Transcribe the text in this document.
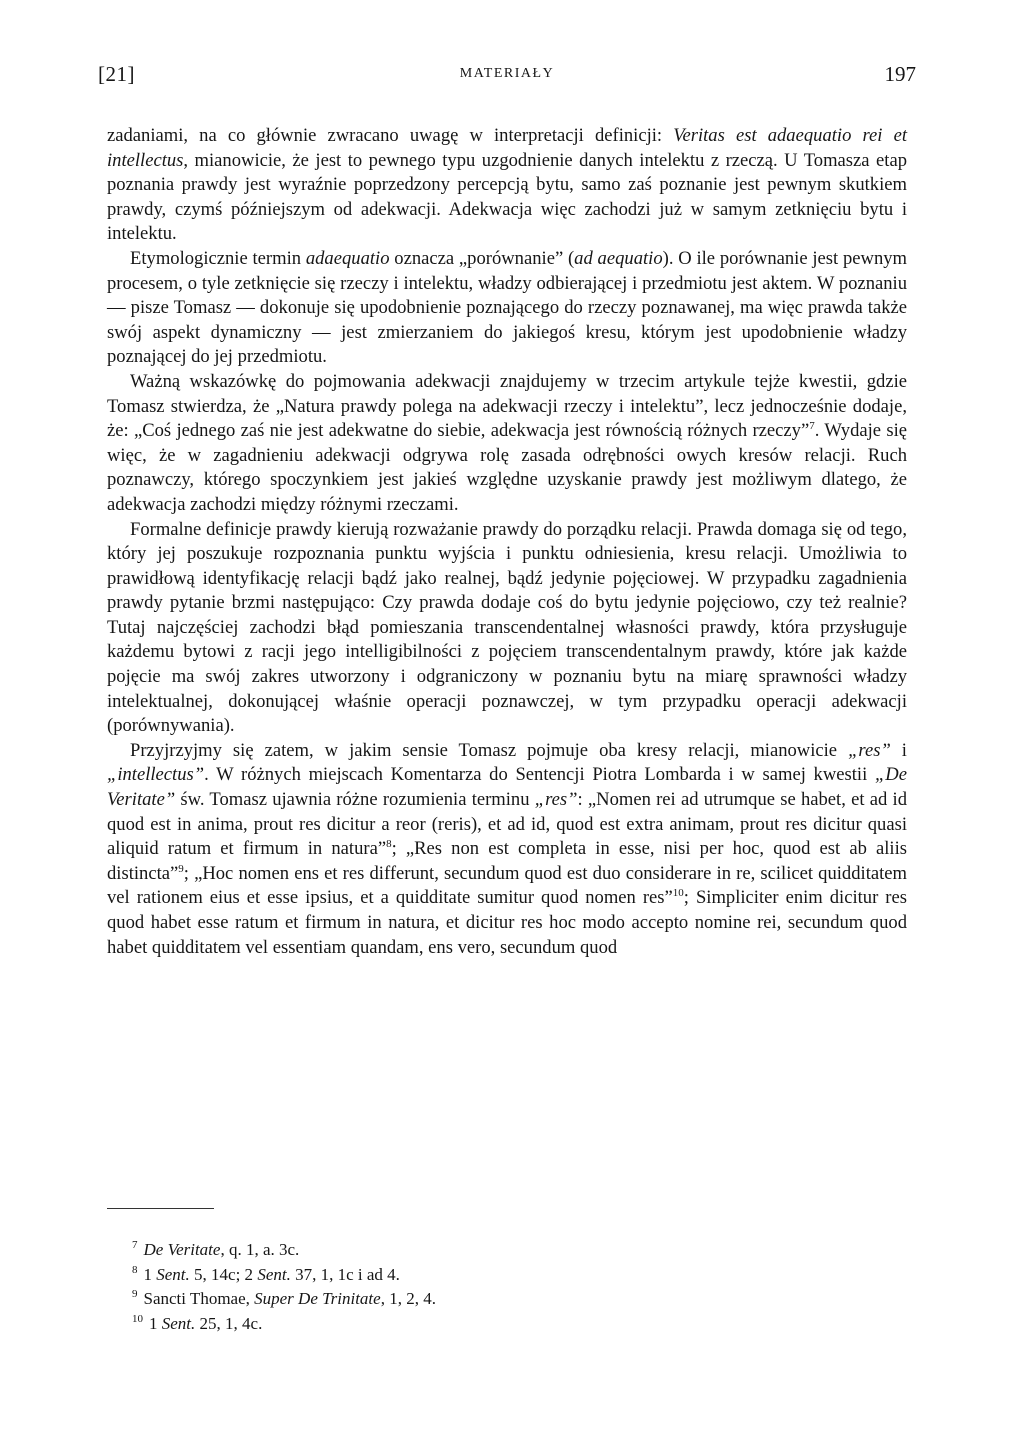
[21]	MATERIAŁY	197

zadaniami, na co głównie zwracano uwagę w interpretacji definicji: Veritas est adaequatio rei et intellectus, mianowicie, że jest to pewnego typu uzgodnienie danych intelektu z rzeczą. U Tomasza etap poznania prawdy jest wyraźnie poprzedzony percepcją bytu, samo zaś poznanie jest pewnym skutkiem prawdy, czymś późniejszym od adekwacji. Adekwacja więc zachodzi już w samym zetknięciu bytu i intelektu.

Etymologicznie termin adaequatio oznacza „porównanie” (ad aequatio). O ile porównanie jest pewnym procesem, o tyle zetknięcie się rzeczy i intelektu, władzy odbierającej i przedmiotu jest aktem. W poznaniu — pisze Tomasz — dokonuje się upodobnienie poznającego do rzeczy poznawanej, ma więc prawda także swój aspekt dynamiczny — jest zmierzaniem do jakiegoś kresu, którym jest upodobnienie władzy poznającej do jej przedmiotu.

Ważną wskazówkę do pojmowania adekwacji znajdujemy w trzecim artykule tejże kwestii, gdzie Tomasz stwierdza, że „Natura prawdy polega na adekwacji rzeczy i intelektu”, lecz jednocześnie dodaje, że: „Coś jednego zaś nie jest adekwatne do siebie, adekwacja jest równością różnych rzeczy”$^7$. Wydaje się więc, że w zagadnieniu adekwacji odgrywa rolę zasada odrębności owych kresów relacji. Ruch poznawczy, którego spoczynkiem jest jakieś względne uzyskanie prawdy jest możliwym dlatego, że adekwacja zachodzi między różnymi rzeczami.

Formalne definicje prawdy kierują rozważanie prawdy do porządku relacji. Prawda domaga się od tego, który jej poszukuje rozpoznania punktu wyjścia i punktu odniesienia, kresu relacji. Umożliwia to prawidłową identyfikację relacji bądź jako realnej, bądź jedynie pojęciowej. W przypadku zagadnienia prawdy pytanie brzmi następująco: Czy prawda dodaje coś do bytu jedynie pojęciowo, czy też realnie? Tutaj najczęściej zachodzi błąd pomieszania transcendentalnej własności prawdy, która przysługuje każdemu bytowi z racji jego intelligibilności z pojęciem transcendentalnym prawdy, które jak każde pojęcie ma swój zakres utworzony i odgraniczony w poznaniu bytu na miarę sprawności władzy intelektualnej, dokonującej właśnie operacji poznawczej, w tym przypadku operacji adekwacji (porównywania).

Przyjrzyjmy się zatem, w jakim sensie Tomasz pojmuje oba kresy relacji, mianowicie „res” i „intellectus”. W różnych miejscach Komentarza do Sentencji Piotra Lombarda i w samej kwestii „De Veritate” św. Tomasz ujawnia różne rozumienia terminu „res”: „Nomen rei ad utrumque se habet, et ad id quod est in anima, prout res dicitur a reor (reris), et ad id, quod est extra animam, prout res dicitur quasi aliquid ratum et firmum in natura”$^8$; „Res non est completa in esse, nisi per hoc, quod est ab aliis distincta”$^9$; „Hoc nomen ens et res differunt, secundum quod est duo considerare in re, scilicet quidditatem vel rationem eius et esse ipsius, et a quidditate sumitur quod nomen res”$^{10}$; Simpliciter enim dicitur res quod habet esse ratum et firmum in natura, et dicitur res hoc modo accepto nomine rei, secundum quod habet quidditatem vel essentiam quandam, ens vero, secundum quod

$^7$ De Veritate, q. 1, a. 3c.
$^8$ 1 Sent. 5, 14c; 2 Sent. 37, 1, 1c i ad 4.
$^9$ Sancti Thomae, Super De Trinitate, 1, 2, 4.
$^{10}$ 1 Sent. 25, 1, 4c.
